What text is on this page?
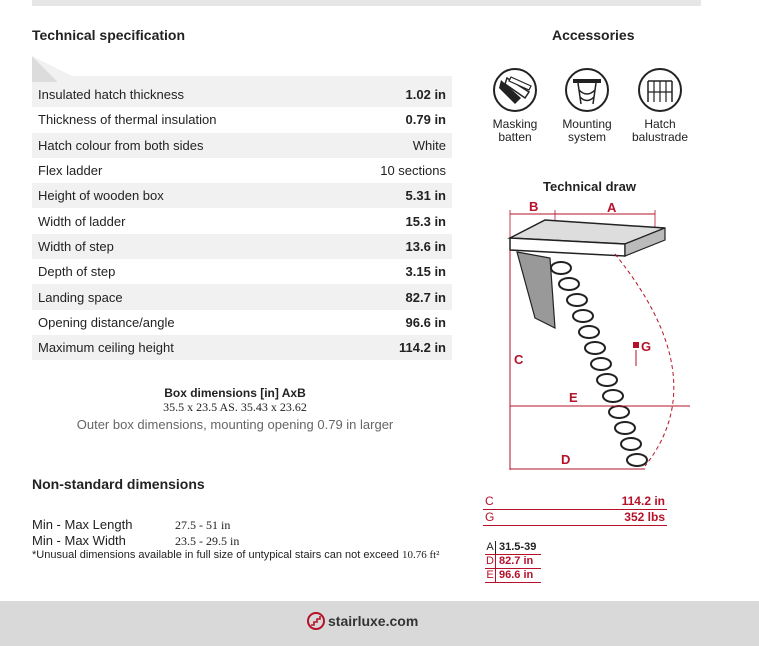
Technical specification	Accessories
Insulated hatch thickness	1.02 in
Thickness of thermal insulation	0.79 in
Hatch colour from both sides	White
Flex ladder	10 sections
Height of wooden box	5.31 in
Width of ladder	15.3 in
Width of step	13.6 in
Depth of step	3.15 in
Landing space	82.7 in
Opening distance/angle	96.6 in
Maximum ceiling height	114.2 in
Masking
batten
Mounting
system
Hatch
balustrade
Technical draw
B	A
C
G
E
D
Box dimensions [in] AxB
35.5 x 23.5 AS. 35.43 x 23.62
Outer box dimensions, mounting opening 0.79 in larger
Non-standard dimensions
Min - Max Length	27.5 - 51 in
Min - Max Width	23.5 - 29.5 in
*Unusual dimensions available in full size of untypical stairs can not exceed 10.76 ft²
C	114.2 in
G	352 lbs
A 31.5-39
D 82.7 in
E 96.6 in
stairluxe.com
